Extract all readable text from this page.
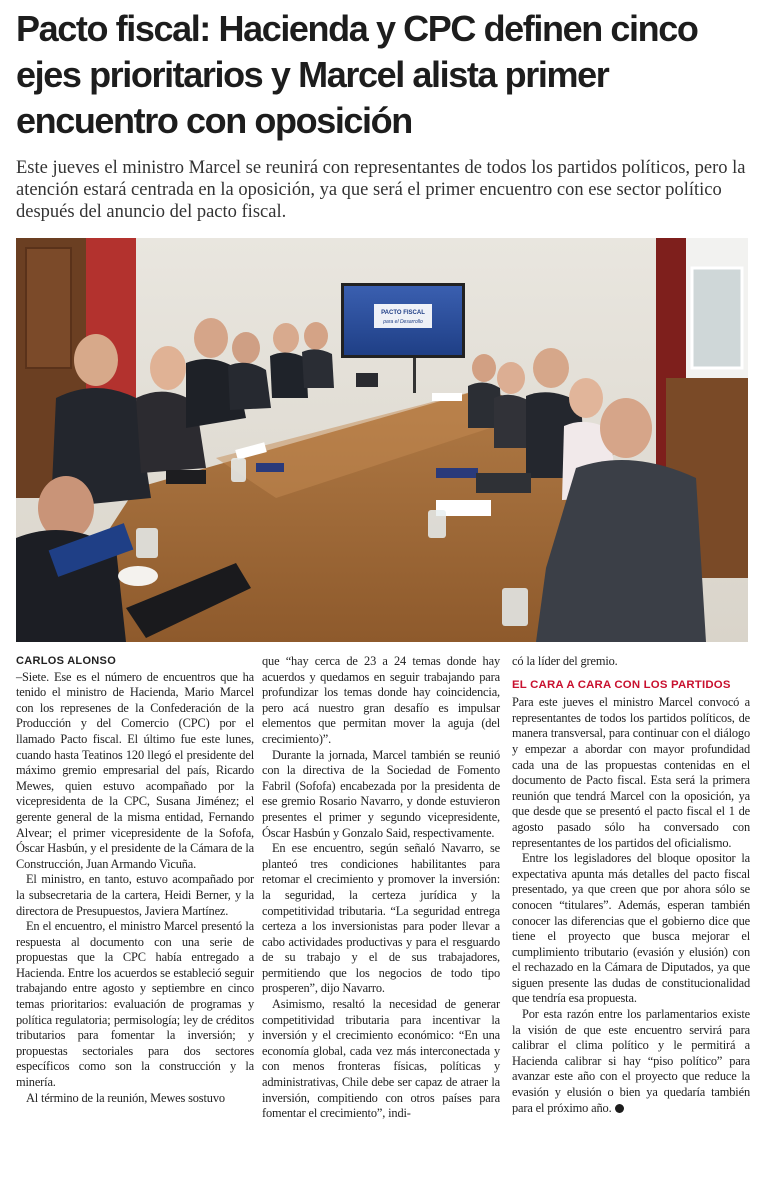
Pacto fiscal: Hacienda y CPC definen cinco
ejes prioritarios y Marcel alista primer
encuentro con oposición

Este jueves el ministro Marcel se reunirá con representantes de todos los partidos políticos, pero la atención estará centrada en la oposición, ya que será el primer encuentro con ese sector político después del anuncio del pacto fiscal.

PACTO FISCAL
para el Desarrollo
CARLOS ALONSO

–Siete. Ese es el número de encuentros que ha tenido el ministro de Hacienda, Mario Marcel con los represenes de la Confederación de la Producción y del Comercio (CPC) por el llamado Pacto fiscal. El último fue este lunes, cuando hasta Teatinos 120 llegó el presidente del máximo gremio empresarial del país, Ricardo Mewes, quien estuvo acompañado por la vicepresidenta de la CPC, Susana Jiménez; el gerente general de la misma entidad, Fernando Alvear; el primer vicepresidente de la Sofofa, Óscar Hasbún, y el presidente de la Cámara de la Construcción, Juan Armando Vicuña.

El ministro, en tanto, estuvo acompañado por la subsecretaria de la cartera, Heidi Berner, y la directora de Presupuestos, Javiera Martínez.

En el encuentro, el ministro Marcel presentó la respuesta al documento con una serie de propuestas que la CPC había entregado a Hacienda. Entre los acuerdos se estableció seguir trabajando entre agosto y septiembre en cinco temas prioritarios: evaluación de programas y política regulatoria; permisología; ley de créditos tributarios para fomentar la inversión; y propuestas sectoriales para dos sectores específicos como son la construcción y la minería.

Al término de la reunión, Mewes sostuvo

que “hay cerca de 23 a 24 temas donde hay acuerdos y quedamos en seguir trabajando para profundizar los temas donde hay coincidencia, pero acá nuestro gran desafío es impulsar elementos que permitan mover la aguja (del crecimiento)”.

Durante la jornada, Marcel también se reunió con la directiva de la Sociedad de Fomento Fabril (Sofofa) encabezada por la presidenta de ese gremio Rosario Navarro, y donde estuvieron presentes el primer y segundo vicepresidente, Óscar Hasbún y Gonzalo Said, respectivamente.

En ese encuentro, según señaló Navarro, se planteó tres condiciones habilitantes para retomar el crecimiento y promover la inversión: la seguridad, la certeza jurídica y la competitividad tributaria. “La seguridad entrega certeza a los inversionistas para poder llevar a cabo actividades productivas y para el resguardo de su trabajo y el de sus trabajadores, permitiendo que los negocios de todo tipo prosperen”, dijo Navarro.

Asimismo, resaltó la necesidad de generar competitividad tributaria para incentivar la inversión y el crecimiento económico: “En una economía global, cada vez más interconectada y con menos fronteras físicas, políticas y administrativas, Chile debe ser capaz de atraer la inversión, compitiendo con otros países para fomentar el crecimiento”, indi-

có la líder del gremio.

EL CARA A CARA CON LOS PARTIDOS

Para este jueves el ministro Marcel convocó a representantes de todos los partidos políticos, de manera transversal, para continuar con el diálogo y empezar a abordar con mayor profundidad cada una de las propuestas contenidas en el documento de Pacto fiscal. Esta será la primera reunión que tendrá Marcel con la oposición, ya que desde que se presentó el pacto fiscal el 1 de agosto pasado sólo ha conversado con representantes de los partidos del oficialismo.

Entre los legisladores del bloque opositor la expectativa apunta más detalles del pacto fiscal presentado, ya que creen que por ahora sólo se conocen “titulares”. Además, esperan también conocer las diferencias que el gobierno dice que tiene el proyecto que busca mejorar el cumplimiento tributario (evasión y elusión) con el rechazado en la Cámara de Diputados, ya que siguen presente las dudas de constitucionalidad que tendría esa propuesta.

Por esta razón entre los parlamentarios existe la visión de que este encuentro servirá para calibrar el clima político y le permitirá a Hacienda calibrar si hay “piso político” para avanzar este año con el proyecto que reduce la evasión y elusión o bien ya quedaría también para el próximo año.
